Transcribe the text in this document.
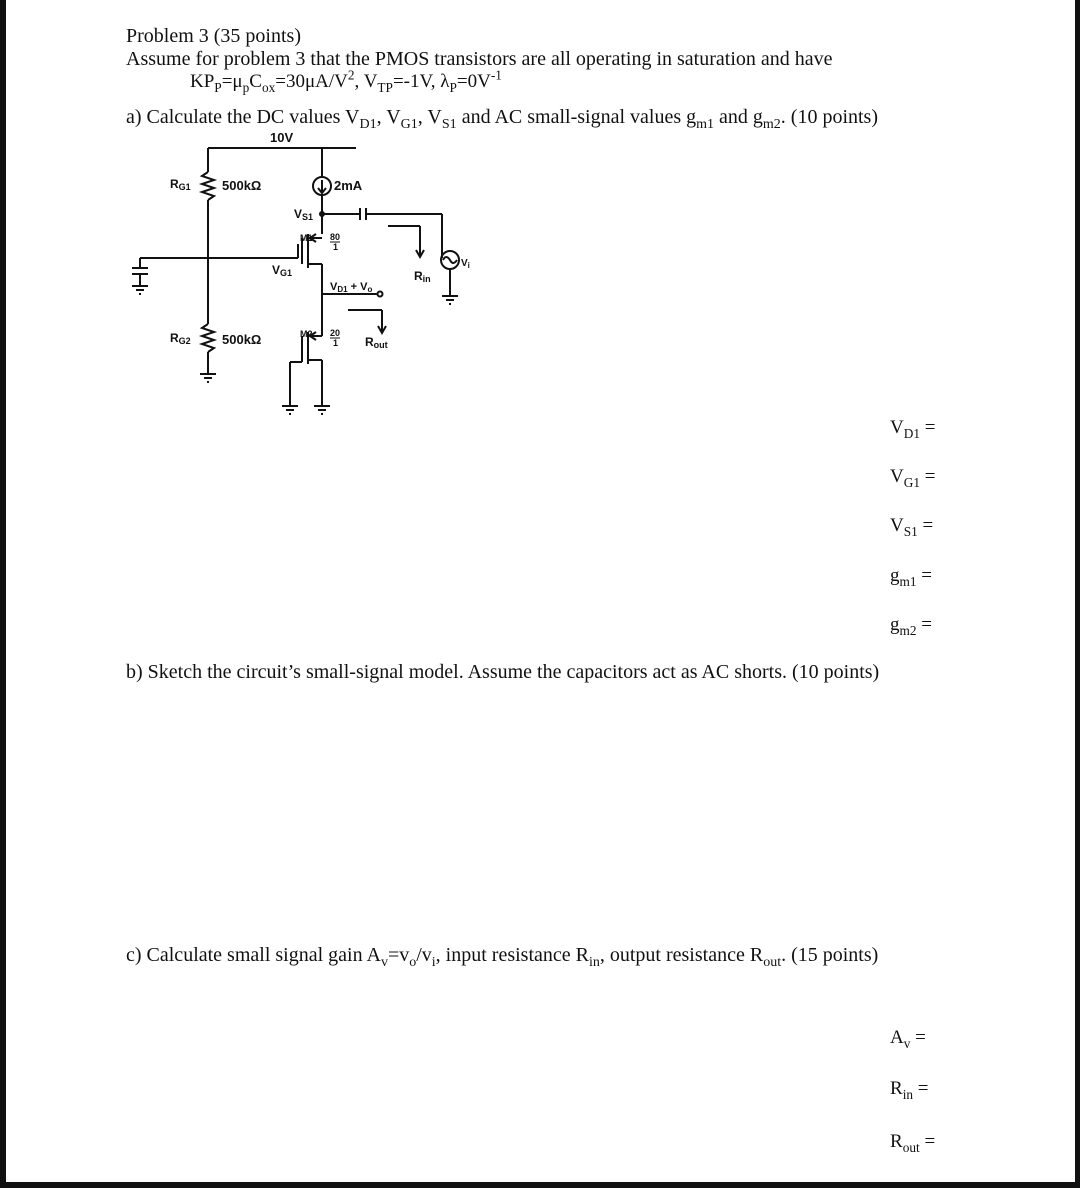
Problem 3 (35 points)
Assume for problem 3 that the PMOS transistors are all operating in saturation and have
$KP_P=\mu_pC_{ox}=30\mu A/V^2$, $V_{TP}=-1V$, $\lambda_P=0V^{-1}$
a) Calculate the DC values $V_{D1}$, $V_{G1}$, $V_{S1}$ and AC small-signal values $g_{m1}$ and $g_{m2}$. (10 points)
10V
RG1 500kΩ
RG2 500kΩ
2mA
VS1
M1 80
1
VG1
VD1 + Vo
Rin
$V_i$
M2 20
1 Rout
$V_{D1}$ =
$V_{G1}$ =
$V_{S1}$ =
$g_{m1}$ =
$g_{m2}$ =
b) Sketch the circuit’s small-signal model. Assume the capacitors act as AC shorts. (10 points)
c) Calculate small signal gain $A_v=v_o/v_i$, input resistance $R_{in}$, output resistance $R_{out}$. (15 points)
$A_v$ =
$R_{in}$ =
$R_{out}$ =
